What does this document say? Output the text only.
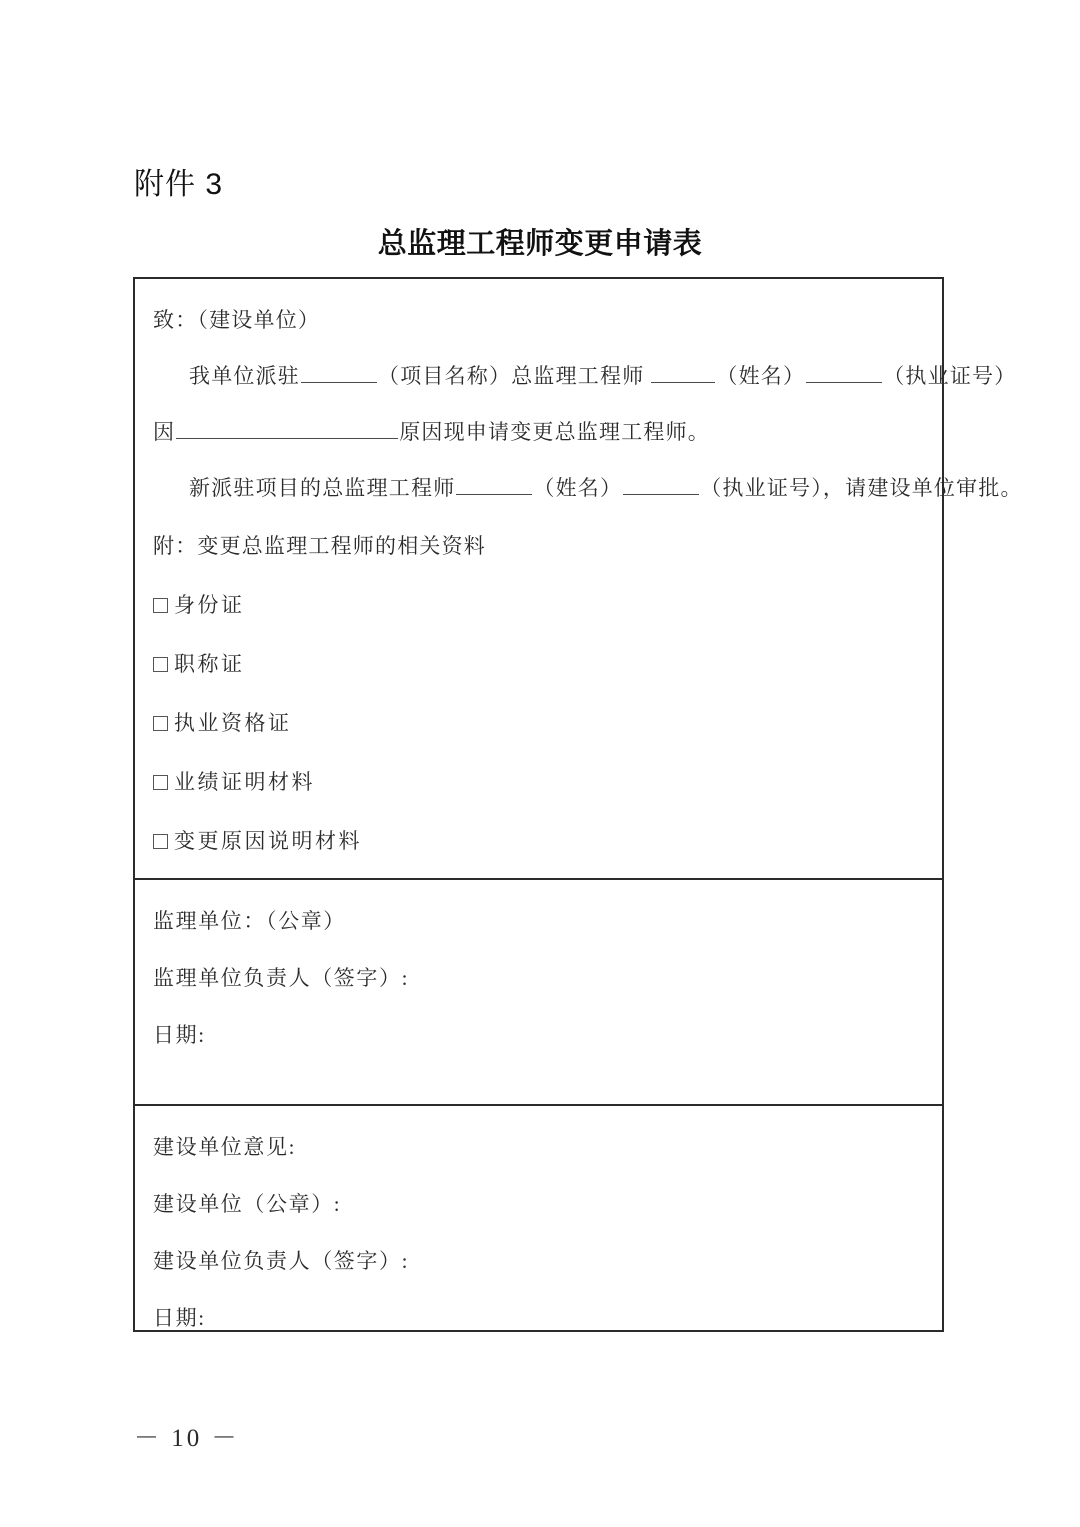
附件 3
总监理工程师变更申请表
致：（建设单位）
我单位派驻	（项目名称）总监理工程师	（姓名）	（执业证号）
因	原因现申请变更总监理工程师。
新派驻项目的总监理工程师	（姓名）	（执业证号），请建设单位审批。
附：变更总监理工程师的相关资料
身份证
职称证
执业资格证
业绩证明材料
变更原因说明材料
监理单位：（公章）
监理单位负责人（签字）:
日期:
建设单位意见:
建设单位（公章）:
建设单位负责人（签字）:
日期:
－ 10 －
